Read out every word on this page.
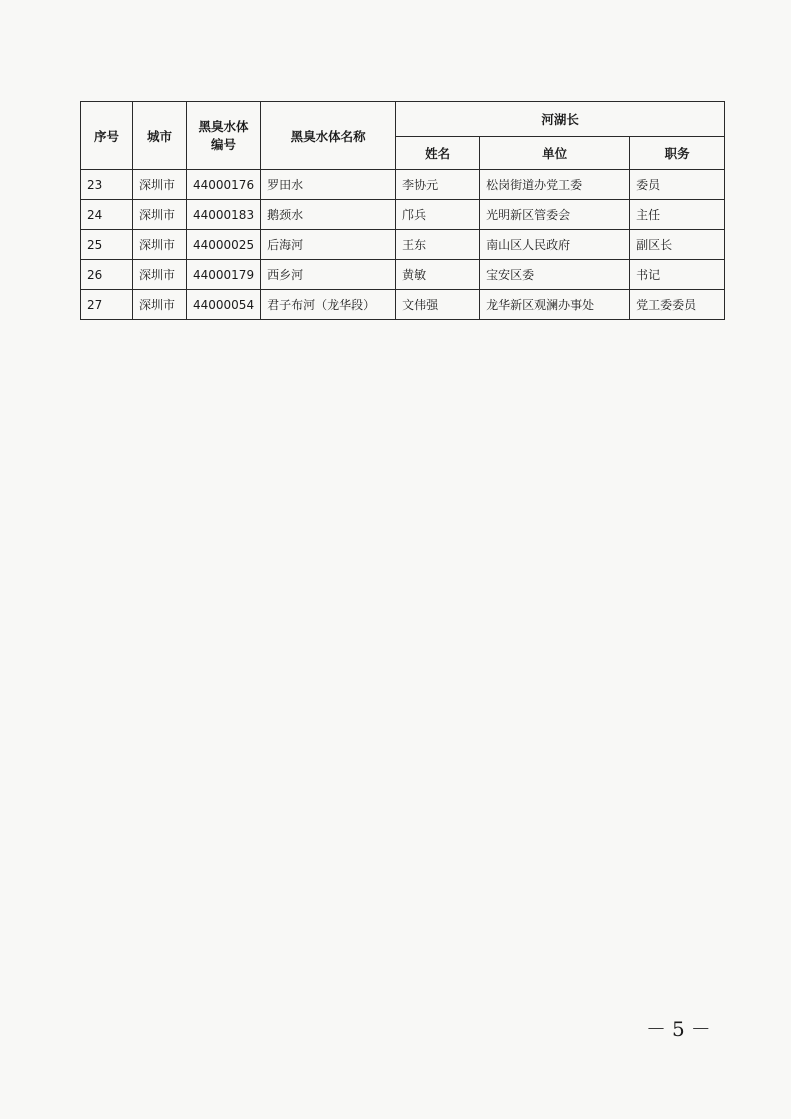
序号	城市	黑臭水体编号	黑臭水体名称	河湖长		
				姓名	单位	职务
23	深圳市	44000176	罗田水	李协元	松岗街道办党工委	委员
24	深圳市	44000183	鹅颈水	邝兵	光明新区管委会	主任
25	深圳市	44000025	后海河	王东	南山区人民政府	副区长
26	深圳市	44000179	西乡河	黄敏	宝安区委	书记
27	深圳市	44000054	君子布河（龙华段）	文伟强	龙华新区观澜办事处	党工委委员
－5－
